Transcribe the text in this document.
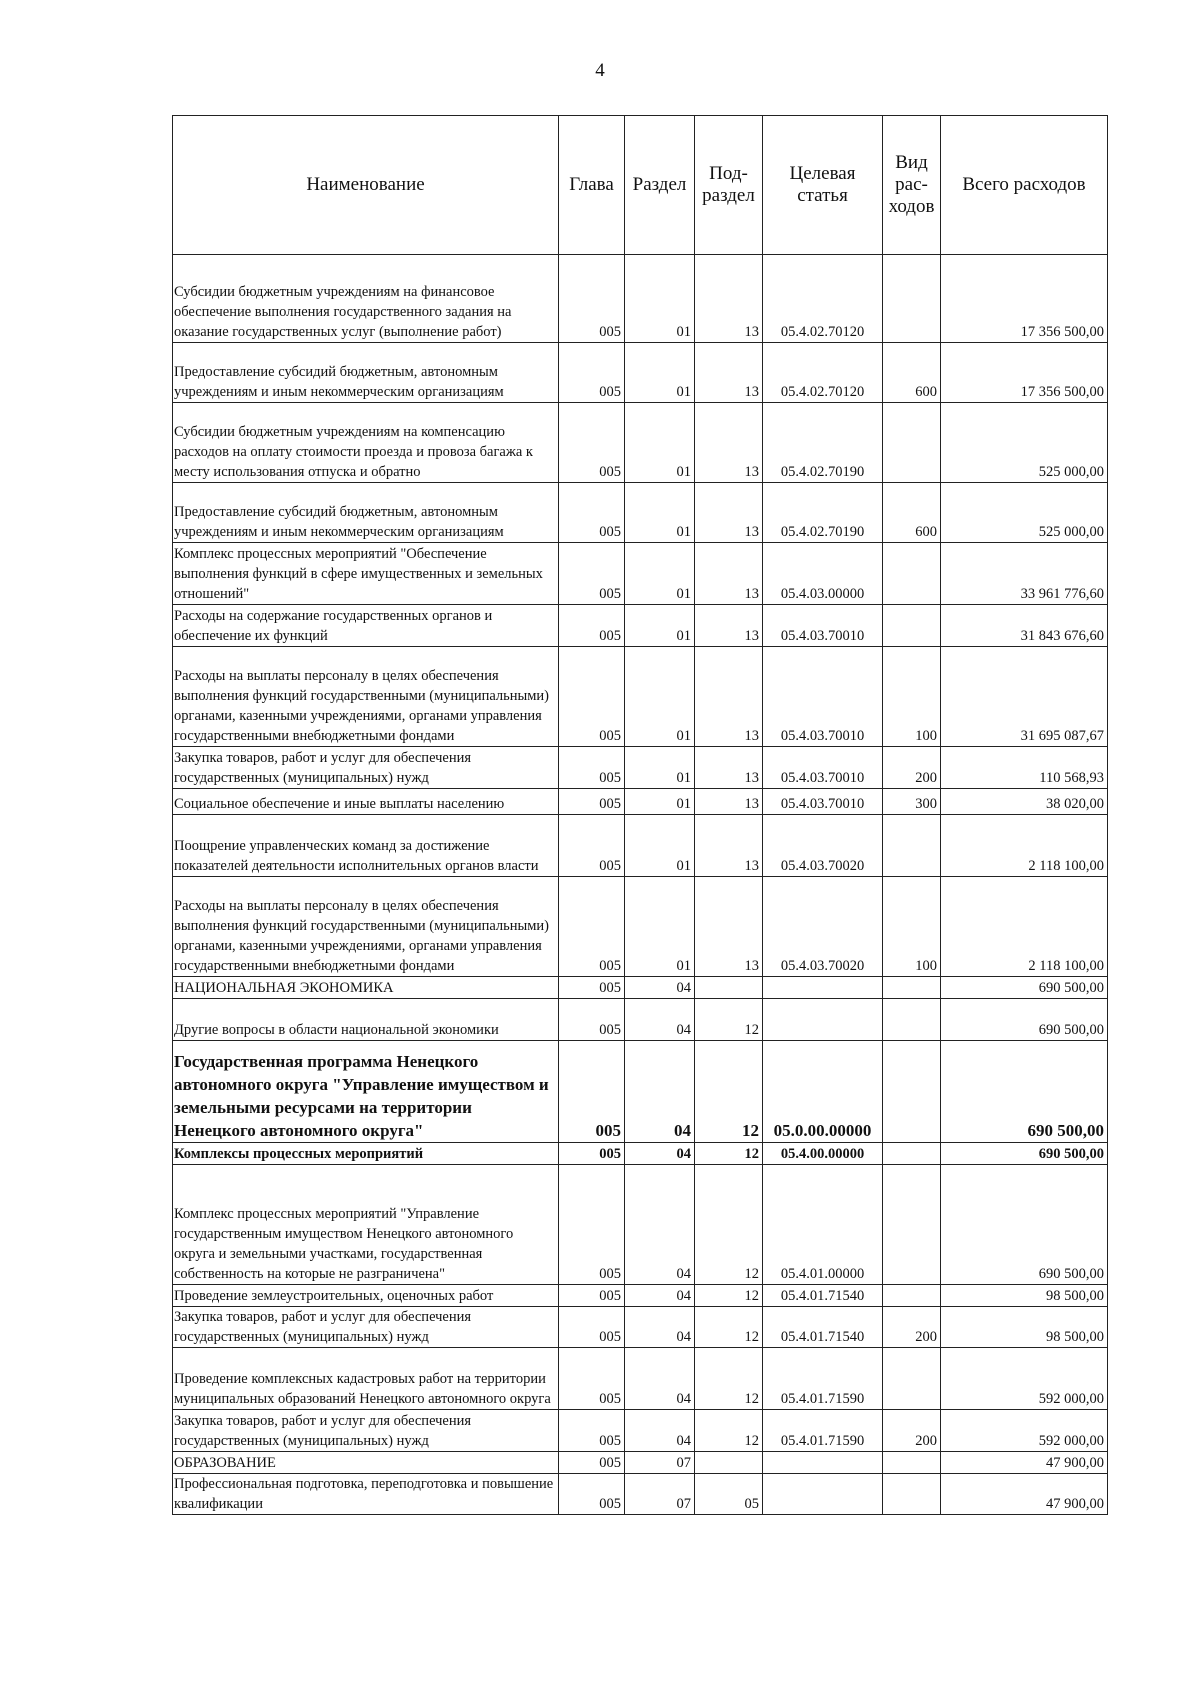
4
Наименование	Глава	Раздел	Под-раздел	Целевая статья	Вид рас-ходов	Всего расходов
Субсидии бюджетным учреждениям на финансовое обеспечение выполнения государственного задания на оказание государственных услуг (выполнение работ)	005	01	13	05.4.02.70120		17 356 500,00
Предоставление субсидий бюджетным, автономным учреждениям и иным некоммерческим организациям	005	01	13	05.4.02.70120	600	17 356 500,00
Субсидии бюджетным учреждениям на компенсацию расходов на оплату стоимости проезда и провоза багажа к месту использования отпуска и обратно	005	01	13	05.4.02.70190		525 000,00
Предоставление субсидий бюджетным, автономным учреждениям и иным некоммерческим организациям	005	01	13	05.4.02.70190	600	525 000,00
Комплекс процессных мероприятий "Обеспечение выполнения функций в сфере имущественных и земельных отношений"	005	01	13	05.4.03.00000		33 961 776,60
Расходы на содержание государственных органов и обеспечение их функций	005	01	13	05.4.03.70010		31 843 676,60
Расходы на выплаты персоналу в целях обеспечения выполнения функций государственными (муниципальными) органами, казенными учреждениями, органами управления государственными внебюджетными фондами	005	01	13	05.4.03.70010	100	31 695 087,67
Закупка товаров, работ и услуг для обеспечения государственных (муниципальных) нужд	005	01	13	05.4.03.70010	200	110 568,93
Социальное обеспечение и иные выплаты населению	005	01	13	05.4.03.70010	300	38 020,00
Поощрение управленческих команд за достижение показателей деятельности исполнительных органов власти	005	01	13	05.4.03.70020		2 118 100,00
Расходы на выплаты персоналу в целях обеспечения выполнения функций государственными (муниципальными) органами, казенными учреждениями, органами управления государственными внебюджетными фондами	005	01	13	05.4.03.70020	100	2 118 100,00
НАЦИОНАЛЬНАЯ ЭКОНОМИКА	005	04				690 500,00
Другие вопросы в области национальной экономики	005	04	12			690 500,00
Государственная программа Ненецкого автономного округа "Управление имуществом и земельными ресурсами на территории Ненецкого автономного округа"	005	04	12	05.0.00.00000		690 500,00
Комплексы процессных мероприятий	005	04	12	05.4.00.00000		690 500,00
Комплекс процессных мероприятий "Управление государственным имуществом Ненецкого автономного округа и земельными участками, государственная собственность на которые не разграничена"	005	04	12	05.4.01.00000		690 500,00
Проведение землеустроительных, оценочных работ	005	04	12	05.4.01.71540		98 500,00
Закупка товаров, работ и услуг для обеспечения государственных (муниципальных) нужд	005	04	12	05.4.01.71540	200	98 500,00
Проведение комплексных кадастровых работ на территории муниципальных образований Ненецкого автономного округа	005	04	12	05.4.01.71590		592 000,00
Закупка товаров, работ и услуг для обеспечения государственных (муниципальных) нужд	005	04	12	05.4.01.71590	200	592 000,00
ОБРАЗОВАНИЕ	005	07				47 900,00
Профессиональная подготовка, переподготовка и повышение квалификации	005	07	05			47 900,00
